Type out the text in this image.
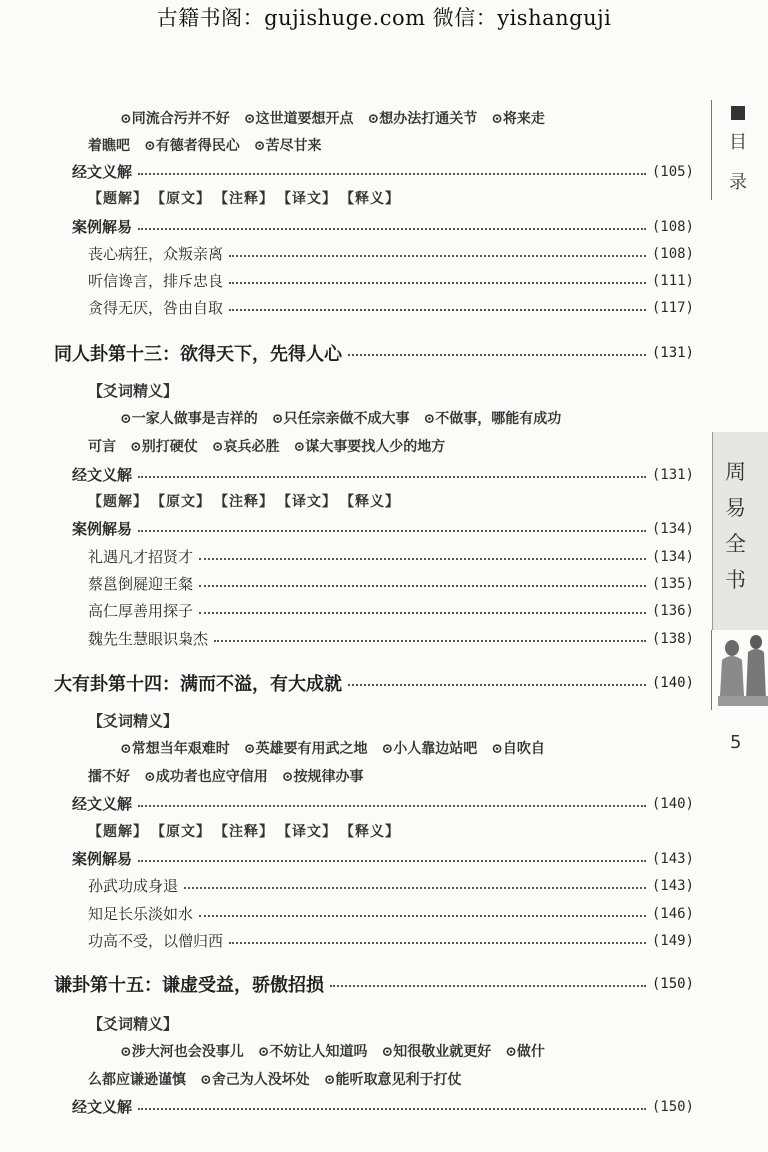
古籍书阁：gujishuge.com 微信：yishanguji
⊙同流合污并不好　⊙这世道要想开点　⊙想办法打通关节　⊙将来走
着瞧吧　⊙有德者得民心　⊙苦尽甘来
经文义解	(105)
【题解】 【原文】 【注释】 【译文】 【释义】
案例解易	(108)
丧心病狂，众叛亲离	(108)
听信谗言，排斥忠良	(111)
贪得无厌，咎由自取	(117)
同人卦第十三：欲得天下，先得人心	(131)
【爻词精义】
⊙一家人做事是吉祥的　⊙只任宗亲做不成大事　⊙不做事，哪能有成功
可言　⊙别打硬仗　⊙哀兵必胜　⊙谋大事要找人少的地方
经文义解	(131)
【题解】 【原文】 【注释】 【译文】 【释义】
案例解易	(134)
礼遇凡才招贤才	(134)
蔡邕倒屣迎王粲	(135)
高仁厚善用探子	(136)
魏先生慧眼识枭杰	(138)
大有卦第十四：满而不溢，有大成就	(140)
【爻词精义】
⊙常想当年艰难时　⊙英雄要有用武之地　⊙小人靠边站吧　⊙自吹自
擂不好　⊙成功者也应守信用　⊙按规律办事
经文义解	(140)
【题解】 【原文】 【注释】 【译文】 【释义】
案例解易	(143)
孙武功成身退	(143)
知足长乐淡如水	(146)
功高不受，以僧归西	(149)
谦卦第十五：谦虚受益，骄傲招损	(150)
【爻词精义】
⊙涉大河也会没事儿　⊙不妨让人知道吗　⊙知很敬业就更好　⊙做什
么都应谦逊谨慎　⊙舍己为人没坏处　⊙能听取意见利于打仗
经文义解	(150)
目
录
周
易
全
书
5
